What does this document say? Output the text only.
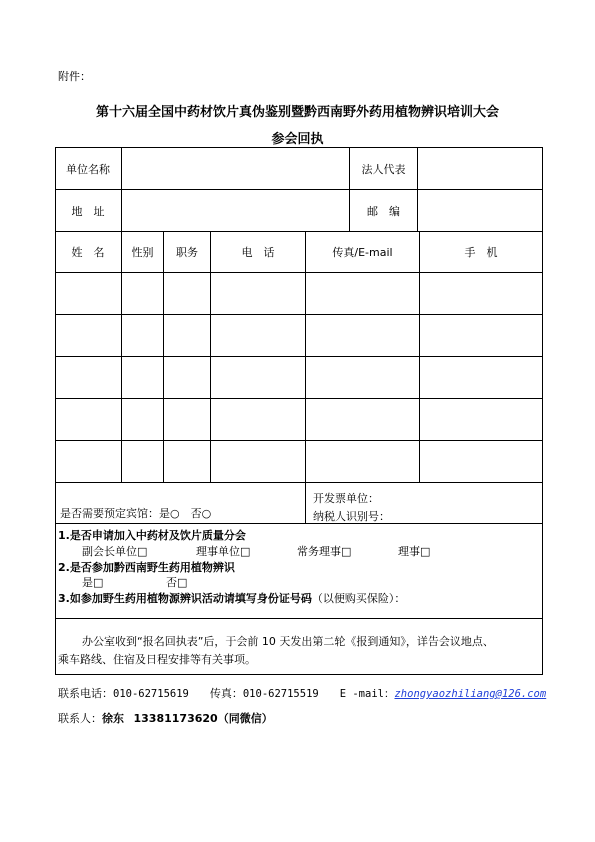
附件：
第十六届全国中药材饮片真伪鉴别暨黔西南野外药用植物辨识培训大会
参会回执
单位名称	法人代表
地　址	邮　编
姓　名	性别	职务	电　话	传真/E-mail	手　机
是否需要预定宾馆：是○　否○
开发票单位：
纳税人识别号：
1.是否申请加入中药材及饮片质量分会
副会长单位□	理事单位□	常务理事□	理事□
2.是否参加黔西南野生药用植物辨识
是□	否□
3.如参加野生药用植物源辨识活动请填写身份证号码（以便购买保险）：
办公室收到“报名回执表”后，于会前 10 天发出第二轮《报到通知》，详告会议地点、
乘车路线、住宿及日程安排等有关事项。
联系电话：010-62715619 传真：010-62715519 E -mail：zhongyaozhiliang@126.com
联系人：徐东 13381173620（同微信）
